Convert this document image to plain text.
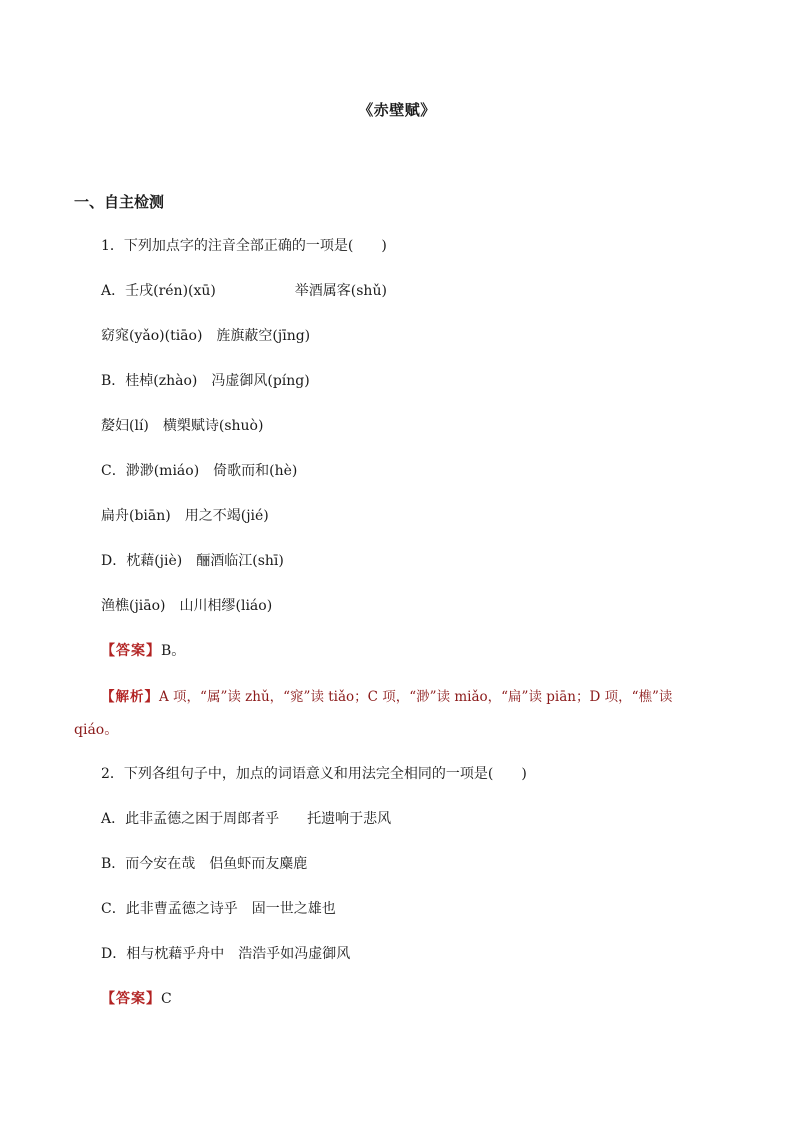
《赤壁赋》
一、自主检测
1．下列加点字的注音全部正确的一项是(　　)
A．壬戌(rén)(xū)	举酒属客(shǔ)
窈窕(yǎo)(tiāo)　旌旗蔽空(jīng)
B．桂棹(zhào)　冯虚御风(píng)
嫠妇(lí)　横槊赋诗(shuò)
C．渺渺(miáo)　倚歌而和(hè)
扁舟(biān)　用之不竭(jié)
D．枕藉(jiè)　酾酒临江(shī)
渔樵(jiāo)　山川相缪(liáo)
【答案】B。
【解析】A 项，“属”读 zhǔ，“窕”读 tiǎo；C 项，“渺”读 miǎo，“扁”读 piān；D 项，“樵”读
qiáo。
2．下列各组句子中，加点的词语意义和用法完全相同的一项是(　　)
A．此非孟德之困于周郎者乎　　托遗响于悲风
B．而今安在哉　侣鱼虾而友麋鹿
C．此非曹孟德之诗乎　固一世之雄也
D．相与枕藉乎舟中　浩浩乎如冯虚御风
【答案】C
